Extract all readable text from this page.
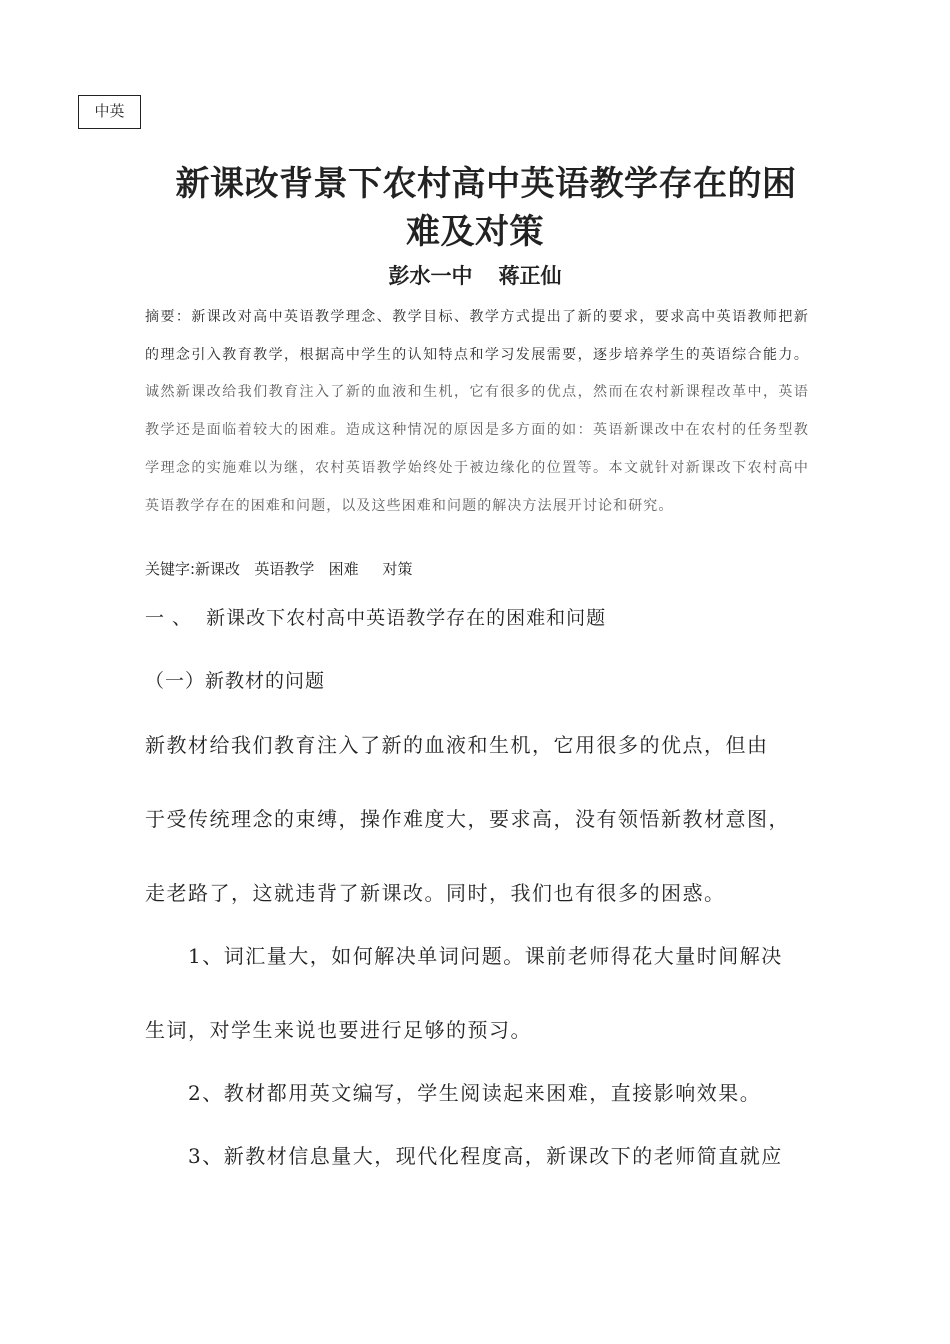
中英
新课改背景下农村高中英语教学存在的困
难及对策
彭水一中 蒋正仙

摘要：新课改对高中英语教学理念、教学目标、教学方式提出了新的要求，要求高中英语教师把新的理念引入教育教学，根据高中学生的认知特点和学习发展需要，逐步培养学生的英语综合能力。诚然新课改给我们教育注入了新的血液和生机，它有很多的优点，然而在农村新课程改革中，英语教学还是面临着较大的困难。造成这种情况的原因是多方面的如：英语新课改中在农村的任务型教学理念的实施难以为继，农村英语教学始终处于被边缘化的位置等。本文就针对新课改下农村高中英语教学存在的困难和问题，以及这些困难和问题的解决方法展开讨论和研究。

关键字:新课改   英语教学   困难     对策
一 、  新课改下农村高中英语教学存在的困难和问题
（一）新教材的问题
新教材给我们教育注入了新的血液和生机，它用很多的优点，但由
于受传统理念的束缚，操作难度大，要求高，没有领悟新教材意图，
走老路了，这就违背了新课改。同时，我们也有很多的困惑。
1、词汇量大，如何解决单词问题。课前老师得花大量时间解决
生词，对学生来说也要进行足够的预习。
2、教材都用英文编写，学生阅读起来困难，直接影响效果。
3、新教材信息量大，现代化程度高，新课改下的老师简直就应
